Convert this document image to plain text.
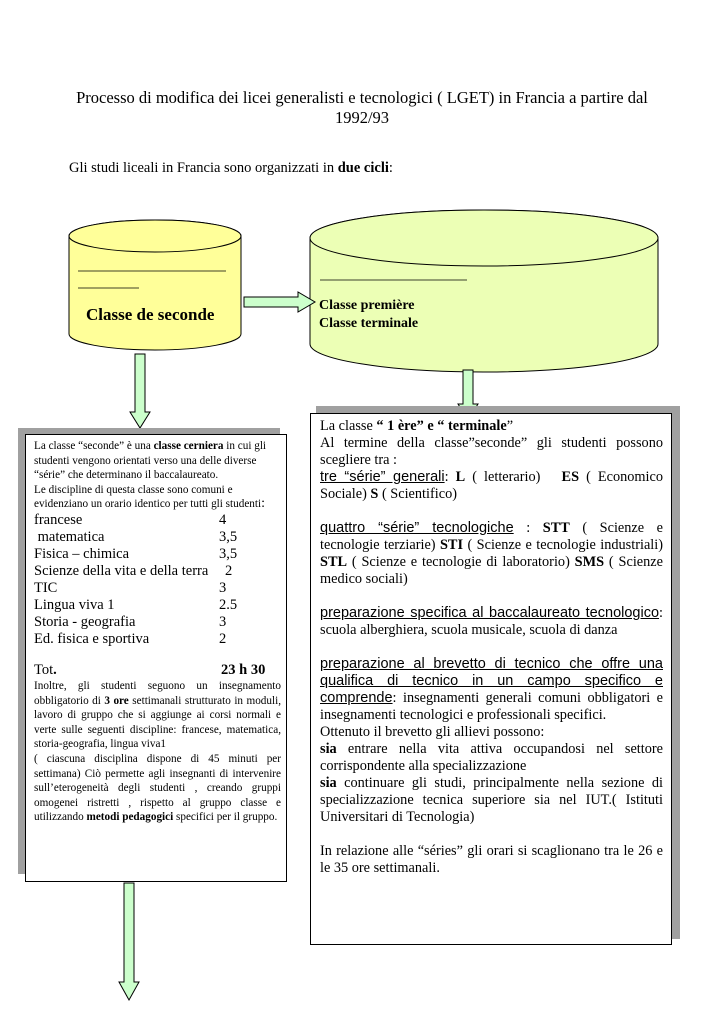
Processo di modifica dei licei generalisti e tecnologici ( LGET) in Francia a partire dal 1992/93
Gli studi liceali in Francia sono organizzati in due cicli:
Classe de seconde	Classe première
Classe terminale
La classe “seconde” è una classe cerniera in cui gli studenti vengono orientati verso una delle diverse “série” che determinano il baccalaureato.
Le discipline di questa classe sono comuni e evidenziano un orario identico per tutti gli studenti:
francese	4
matematica	3,5
Fisica – chimica	3,5
Scienze della vita e della terra	2
TIC	3
Lingua viva 1	2.5
Storia - geografia	3
Ed. fisica e sportiva	2
Tot.	23 h 30
Inoltre, gli studenti seguono un insegnamento obbligatorio di 3 ore settimanali strutturato in moduli, lavoro di gruppo che si aggiunge ai corsi normali e verte sulle seguenti discipline: francese, matematica, storia-geografia, lingua viva1
( ciascuna disciplina dispone di 45 minuti per settimana) Ciò permette agli insegnanti di intervenire sull’eterogeneità degli studenti , creando gruppi omogenei ristretti , rispetto al gruppo classe e utilizzando metodi pedagogici specifici per il gruppo.

La classe “ 1 ère” e “ terminale”
Al termine della classe”seconde” gli studenti possono scegliere tra :

tre “série” generali: L ( letterario)   ES ( Economico Sociale) S ( Scientifico)

quattro “série” tecnologiche : STT ( Scienze e tecnologie terziarie) STI ( Scienze e tecnologie industriali) STL ( Scienze e tecnologie di laboratorio) SMS ( Scienze medico sociali)

preparazione specifica al baccalaureato tecnologico: scuola alberghiera, scuola musicale, scuola di danza

preparazione al brevetto di tecnico che offre una qualifica di tecnico in un campo specifico e comprende: insegnamenti generali comuni obbligatori e insegnamenti tecnologici e professionali specifici.
Ottenuto il brevetto gli allievi possono:
sia entrare nella vita attiva occupandosi nel settore corrispondente alla specializzazione
sia continuare gli studi, principalmente nella sezione di specializzazione tecnica superiore sia nel IUT.( Istituti Universitari di Tecnologia)

In relazione alle “séries” gli orari si scaglionano tra le 26 e le 35 ore settimanali.
